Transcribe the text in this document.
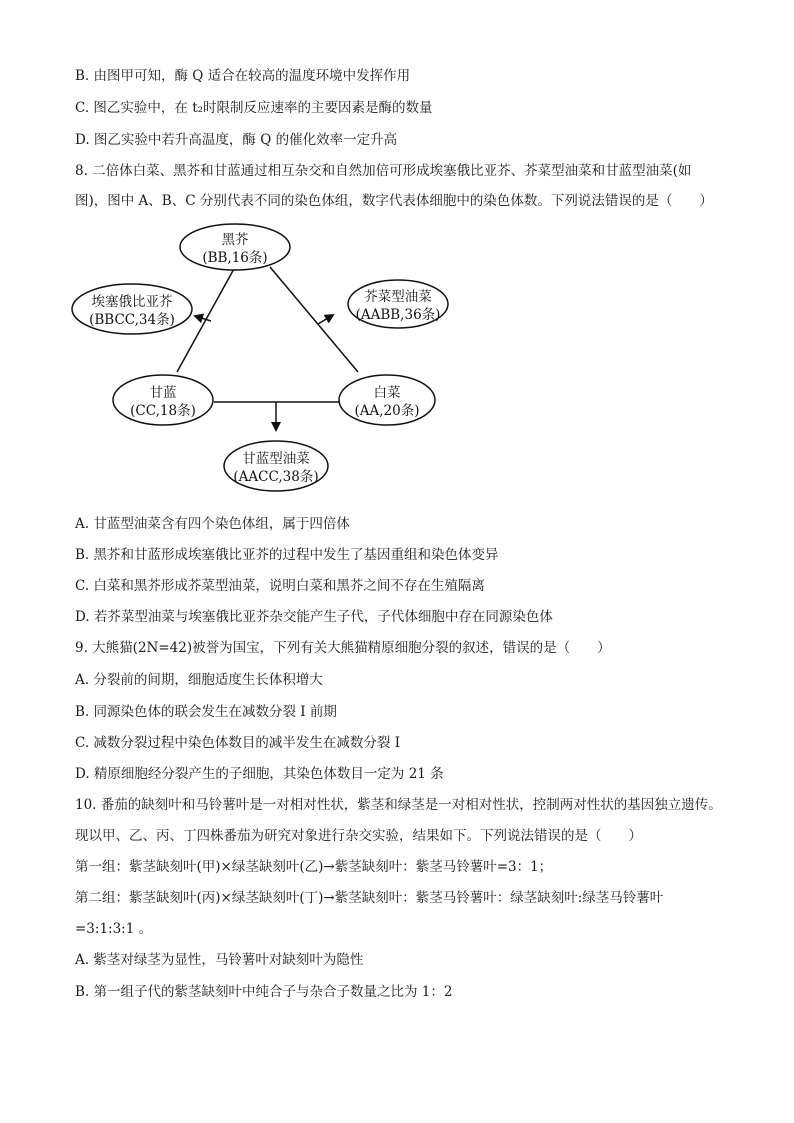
B. 由图甲可知，酶 Q 适合在较高的温度环境中发挥作用
C. 图乙实验中，在 t₂时限制反应速率的主要因素是酶的数量
D. 图乙实验中若升高温度，酶 Q 的催化效率一定升高
8. 二倍体白菜、黑芥和甘蓝通过相互杂交和自然加倍可形成埃塞俄比亚芥、芥菜型油菜和甘蓝型油菜(如
图)，图中 A、B、C 分别代表不同的染色体组，数字代表体细胞中的染色体数。下列说法错误的是（　　）
黑芥
(BB,16条)
埃塞俄比亚芥
(BBCC,34条)
芥菜型油菜
(AABB,36条)
甘蓝
(CC,18条)
白菜
(AA,20条)
甘蓝型油菜
(AACC,38条)
A. 甘蓝型油菜含有四个染色体组，属于四倍体
B. 黑芥和甘蓝形成埃塞俄比亚芥的过程中发生了基因重组和染色体变异
C. 白菜和黑芥形成芥菜型油菜，说明白菜和黑芥之间不存在生殖隔离
D. 若芥菜型油菜与埃塞俄比亚芥杂交能产生子代，子代体细胞中存在同源染色体
9. 大熊猫(2N=42)被誉为国宝，下列有关大熊猫精原细胞分裂的叙述，错误的是（　　）
A. 分裂前的间期，细胞适度生长体积增大
B. 同源染色体的联会发生在减数分裂 I 前期
C. 减数分裂过程中染色体数目的减半发生在减数分裂 I
D. 精原细胞经分裂产生的子细胞，其染色体数目一定为 21 条
10. 番茄的缺刻叶和马铃薯叶是一对相对性状，紫茎和绿茎是一对相对性状，控制两对性状的基因独立遗传。
现以甲、乙、丙、丁四株番茄为研究对象进行杂交实验，结果如下。下列说法错误的是（　　）
第一组：紫茎缺刻叶(甲)×绿茎缺刻叶(乙)→紫茎缺刻叶：紫茎马铃薯叶=3：1；
第二组：紫茎缺刻叶(丙)×绿茎缺刻叶(丁)→紫茎缺刻叶：紫茎马铃薯叶：绿茎缺刻叶:绿茎马铃薯叶
=3:1:3:1 。
A. 紫茎对绿茎为显性，马铃薯叶对缺刻叶为隐性
B. 第一组子代的紫茎缺刻叶中纯合子与杂合子数量之比为 1：2
